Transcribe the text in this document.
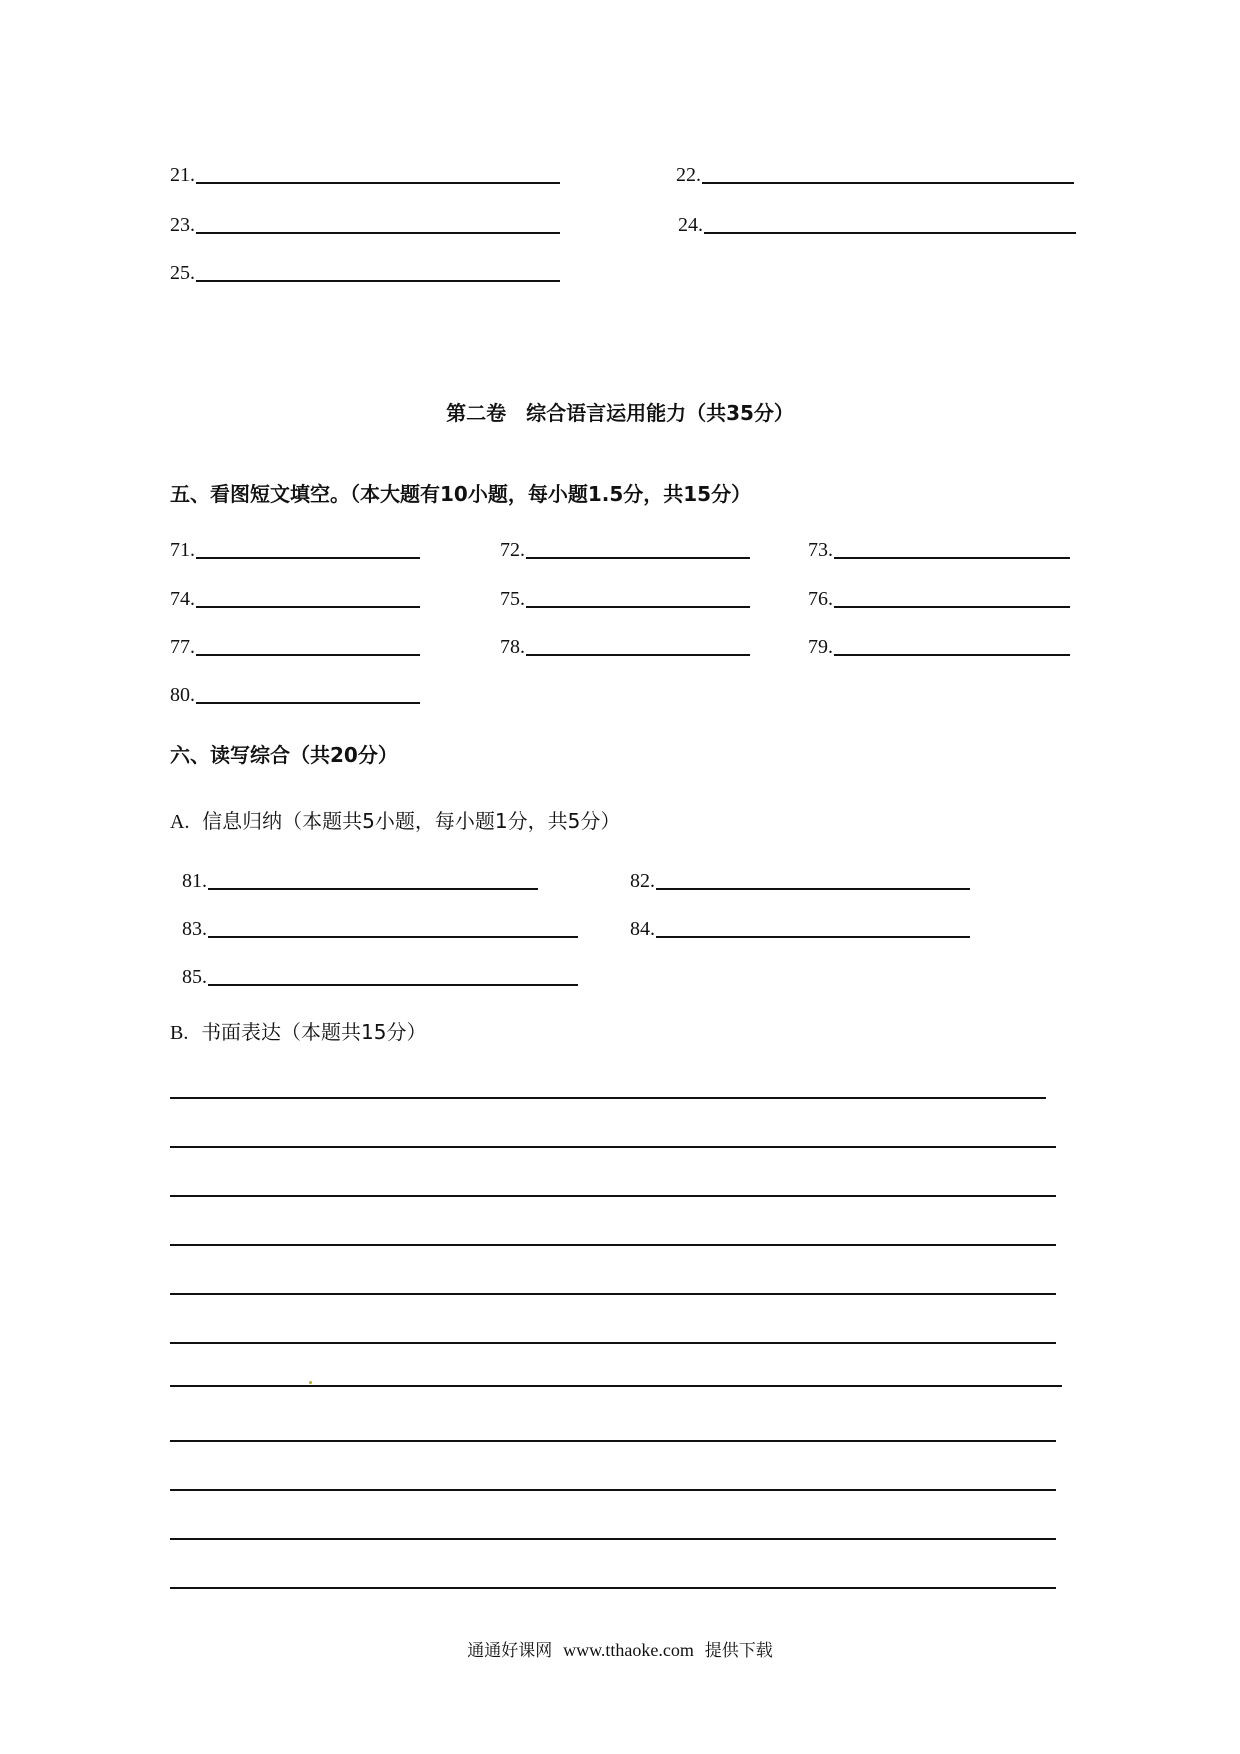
21.	22.
23.	24.
25.
第二卷　综合语言运用能力（共35分）
五、看图短文填空。（本大题有10小题，每小题1.5分，共15分）
71.	72.	73.
74.	75.	76.
77.	78.	79.
80.
六、读写综合（共20分）
A. 信息归纳（本题共5小题，每小题1分，共5分）
81.	82.
83.	84.
85.
B. 书面表达（本题共15分）
通通好课网 www.tthaoke.com 提供下载
